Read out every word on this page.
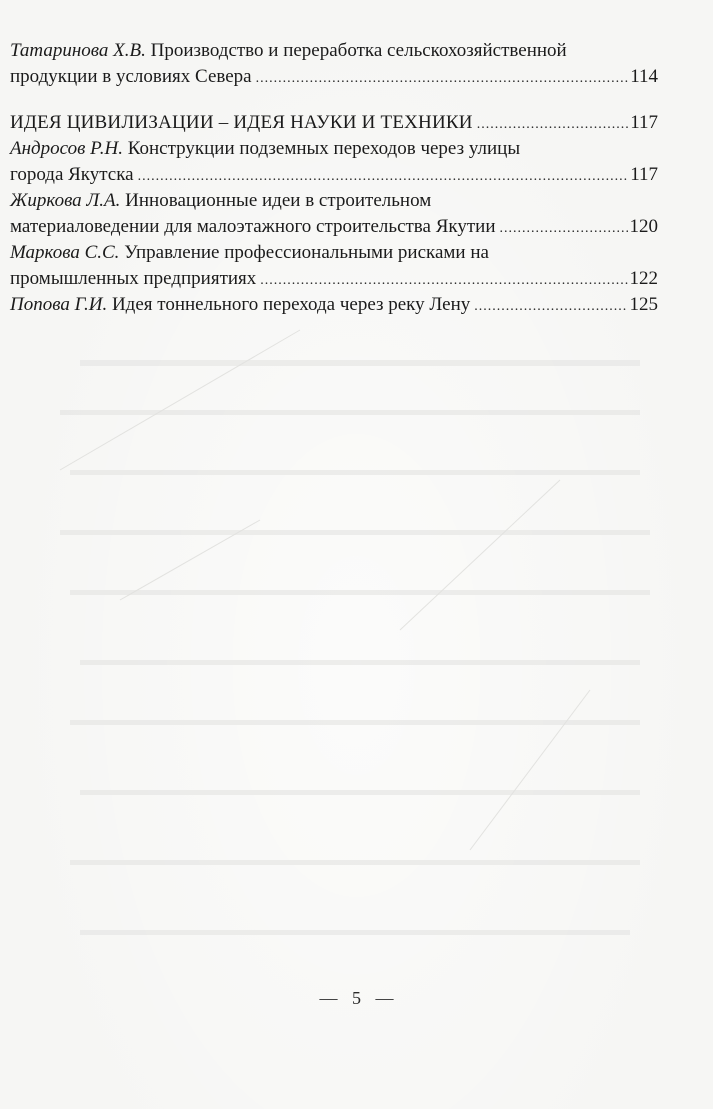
Татаринова Х.В. Производство и переработка сельскохозяйственной
продукции в условиях Севера .....	114
ИДЕЯ ЦИВИЛИЗАЦИИ – ИДЕЯ НАУКИ И ТЕХНИКИ .....	117
Андросов Р.Н. Конструкции подземных переходов через улицы
города Якутска .....	117
Жиркова Л.А. Инновационные идеи в строительном
материаловедении для малоэтажного строительства Якутии .....	120
Маркова С.С. Управление профессиональными рисками на
промышленных предприятиях .....	122
Попова Г.И. Идея тоннельного перехода через реку Лену .....	125
— 5 —
